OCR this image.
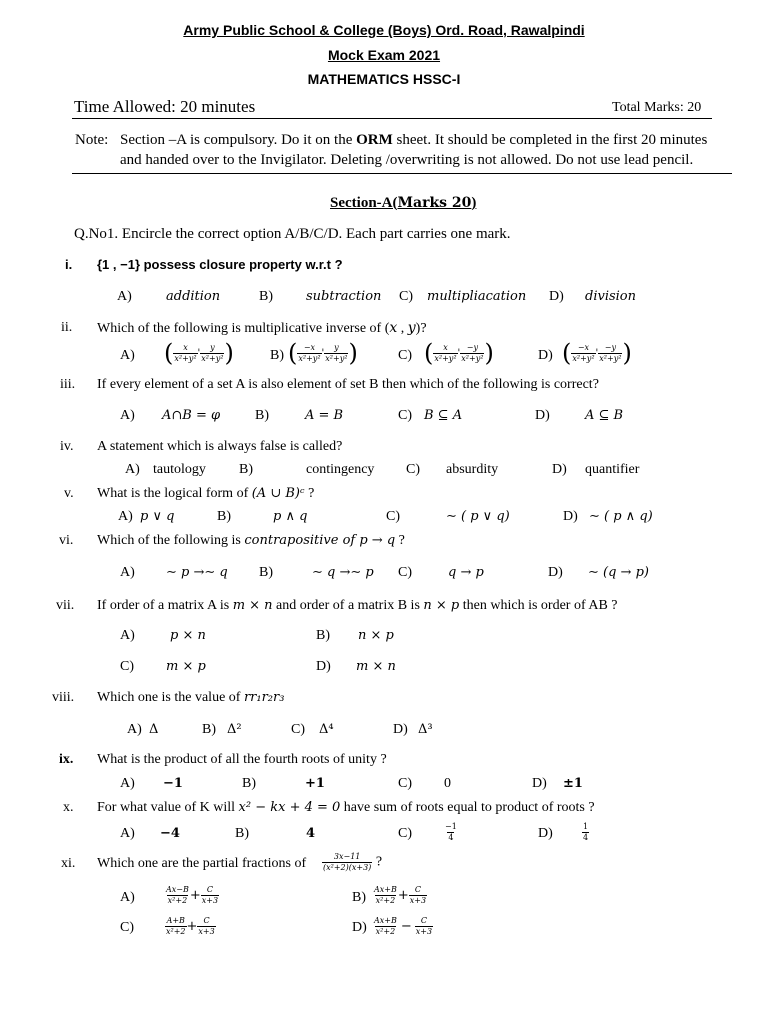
Army Public School & College (Boys) Ord. Road, Rawalpindi
Mock Exam 2021
MATHEMATICS HSSC-I
Time Allowed: 20 minutes	Total Marks: 20
Note: Section –A is compulsory. Do it on the ORM sheet. It should be completed in the first 20 minutes
and handed over to the Invigilator. Deleting /overwriting is not allowed. Do not use lead pencil.
Section-A(Marks 20)
Q.No1. Encircle the correct option A/B/C/D. Each part carries one mark.
i. {1 , −1} possess closure property w.r.t ?
A)	addition	B)	subtraction C) multipliacation D) division
ii. Which of the following is multiplicative inverse of (𝑥 , 𝑦)?
A) ( $\frac{x}{\text{x²+y²}}$ ' $\frac{y}{\text{x²+y²}}$ )	B) ( $\frac{-x}{\text{x²+y²}}$ ' $\frac{y}{\text{x²+y²}}$ )	C) ( $\frac{x}{\text{x²+y²}}$ ' $\frac{-y}{\text{x²+y²}}$ )	D) ( $\frac{-x}{\text{x²+y²}}$ ' $\frac{-y}{\text{x²+y²}}$ )
iii. If every element of a set A is also element of set B then which of the following is correct?
A) A∩B = φ B)	A = B	C) B ⊆ A	D)	A ⊆ B
iv. A statement which is always false is called?
A) tautology B)	contingency C) absurdity	D) quantifier
v. What is the logical form of (A ∪ B)ᶜ ?
A) p ∨ q	B)	p ∧ q	C)	∼ ( p ∨ q)	D) ∼ ( p ∧ q)
vi. Which of the following is contrapositive of p → q ?
A) ∼ p →∼ q B)	∼ q →∼ p C)	q → p	D) ∼ (q → p)
vii. If order of a matrix A is m × n and order of a matrix B is n × p then which is order of AB ?
A)	p × n	B) n × p
C) m × p	D) m × n
viii. Which one is the value of rr₁r₂r₃
A) Δ	B) Δ²	C) Δ⁴	D) Δ³
ix. What is the product of all the fourth roots of unity ?
A) −1	B)	+1	C) 0	D) ±1
x. For what value of K will x² − kx + 4 = 0 have sum of roots equal to product of roots ?
A) −4	B)	4	C)	$\frac{-1}{4}$	D)	$\frac{1}{4}$
xi. Which one are the partial fractions of $\frac{3x-11}{\text{(x²+2)(x+3)}}$ ?
A)	$\frac{Ax-B}{\text{x²+2}} + \frac{C}{x+3}$	$B) \frac{Ax+B}{\text{x²+2}} + \frac{C}{x+3}$
C)	$\frac{A+B}{\text{x²+2}} + \frac{C}{x+3}$	$D) \frac{Ax+B}{\text{x²+2}} - \frac{C}{x+3}$
